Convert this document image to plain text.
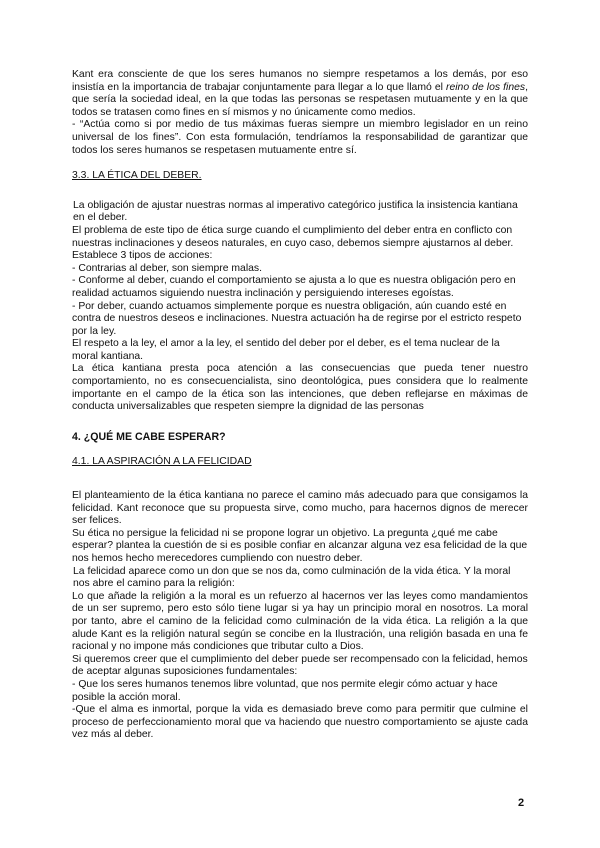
Kant era consciente de que los seres humanos no siempre respetamos a los demás, por eso insistía en la importancia de trabajar conjuntamente para llegar a lo que llamó el reino de los fines, que sería la sociedad ideal, en la que todas las personas se respetasen mutuamente y en la que todos se tratasen como fines en sí mismos y no únicamente como medios.

- “Actúa como si por medio de tus máximas fueras siempre un miembro legislador en un reino universal de los fines”. Con esta formulación, tendríamos la responsabilidad de garantizar que todos los seres humanos se respetasen mutuamente entre sí.

3.3. LA ÉTICA DEL DEBER.

La obligación de ajustar nuestras normas al imperativo categórico justifica la insistencia kantiana en el deber.

El problema de este tipo de ética surge cuando el cumplimiento del deber entra en conflicto con nuestras inclinaciones y deseos naturales, en cuyo caso, debemos siempre ajustarnos al deber. Establece 3 tipos de acciones:

- Contrarias al deber, son siempre malas.

- Conforme al deber, cuando el comportamiento se ajusta a lo que es nuestra obligación pero en realidad actuamos siguiendo nuestra inclinación y persiguiendo intereses egoístas.

- Por deber, cuando actuamos simplemente porque es nuestra obligación, aún cuando esté en contra de nuestros deseos e inclinaciones. Nuestra actuación ha de regirse por el estricto respeto por la ley.

El respeto a la ley, el amor a la ley, el sentido del deber por el deber, es el tema nuclear de la moral kantiana.

La ética kantiana presta poca atención a las consecuencias que pueda tener nuestro comportamiento, no es consecuencialista, sino deontológica, pues considera que lo realmente importante en el campo de la ética son las intenciones, que deben reflejarse en máximas de conducta universalizables que respeten siempre la dignidad de las personas

4. ¿QUÉ ME CABE ESPERAR?

4.1. LA ASPIRACIÓN A LA FELICIDAD

El planteamiento de la ética kantiana no parece el camino más adecuado para que consigamos la felicidad. Kant reconoce que su propuesta sirve, como mucho, para hacernos dignos de merecer ser felices.

Su ética no persigue la felicidad ni se propone lograr un objetivo. La pregunta ¿qué me cabe esperar? plantea la cuestión de si es posible confiar en alcanzar alguna vez esa felicidad de la que nos hemos hecho merecedores cumpliendo con nuestro deber.

La felicidad aparece como un don que se nos da, como culminación de la vida ética. Y la moral nos abre el camino para la religión:

Lo que añade la religión a la moral es un refuerzo al hacernos ver las leyes como mandamientos de un ser supremo, pero esto sólo tiene lugar si ya hay un principio moral en nosotros. La moral por tanto, abre el camino de la felicidad como culminación de la vida ética. La religión a la que alude Kant es la religión natural según se concibe en la Ilustración, una religión basada en una fe racional y no impone más condiciones que tributar culto a Dios.

Si queremos creer que el cumplimiento del deber puede ser recompensado con la felicidad, hemos de aceptar algunas suposiciones fundamentales:

- Que los seres humanos tenemos libre voluntad, que nos permite elegir cómo actuar y hace posible la acción moral.

-Que el alma es inmortal, porque la vida es demasiado breve como para permitir que culmine el proceso de perfeccionamiento moral que va haciendo que nuestro comportamiento se ajuste cada vez más al deber.

2
